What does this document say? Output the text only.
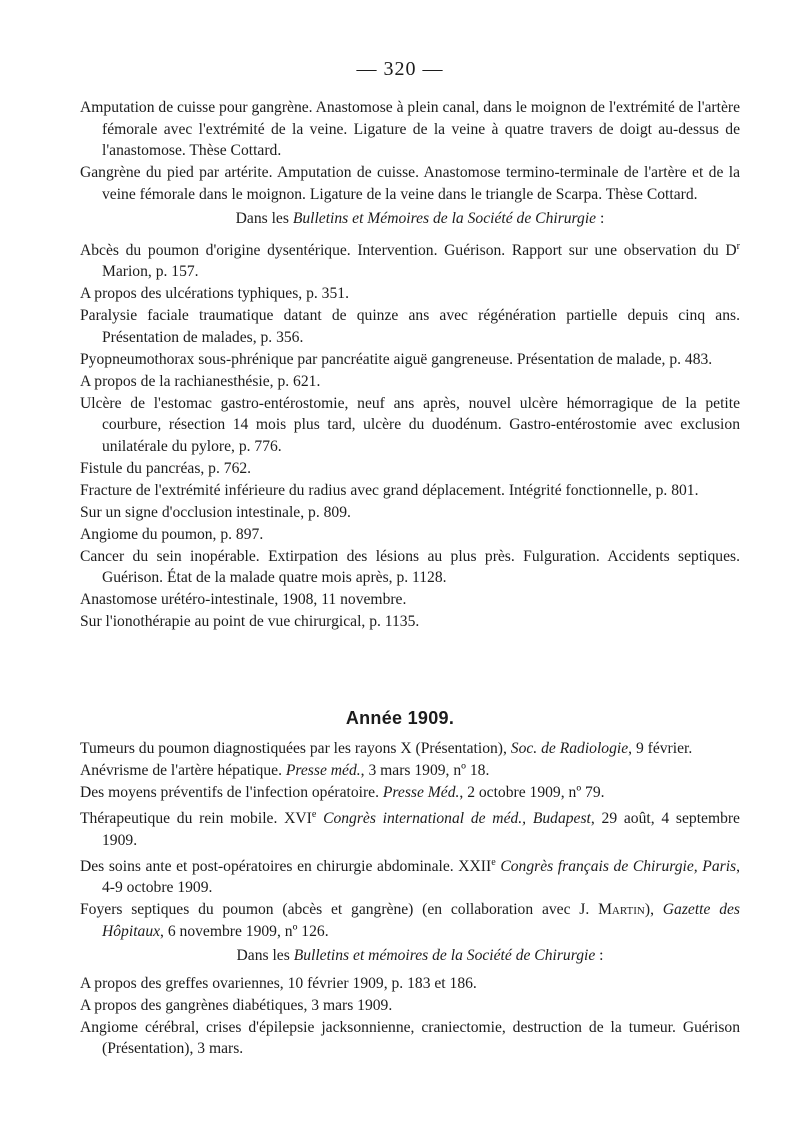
— 320 —

Amputation de cuisse pour gangrène. Anastomose à plein canal, dans le moignon de l'extrémité de l'artère fémorale avec l'extrémité de la veine. Ligature de la veine à quatre travers de doigt au-dessus de l'anastomose. Thèse Cottard.

Gangrène du pied par artérite. Amputation de cuisse. Anastomose termino-terminale de l'artère et de la veine fémorale dans le moignon. Ligature de la veine dans le triangle de Scarpa. Thèse Cottard.

Dans les Bulletins et Mémoires de la Société de Chirurgie :

Abcès du poumon d'origine dysentérique. Intervention. Guérison. Rapport sur une observation du $D^r$ Marion, p. 157.

A propos des ulcérations typhiques, p. 351.

Paralysie faciale traumatique datant de quinze ans avec régénération partielle depuis cinq ans. Présentation de malades, p. 356.

Pyopneumothorax sous-phrénique par pancréatite aiguë gangreneuse. Présentation de malade, p. 483.

A propos de la rachianesthésie, p. 621.

Ulcère de l'estomac gastro-entérostomie, neuf ans après, nouvel ulcère hémorragique de la petite courbure, résection 14 mois plus tard, ulcère du duodénum. Gastro-entérostomie avec exclusion unilatérale du pylore, p. 776.

Fistule du pancréas, p. 762.

Fracture de l'extrémité inférieure du radius avec grand déplacement. Intégrité fonctionnelle, p. 801.

Sur un signe d'occlusion intestinale, p. 809.

Angiome du poumon, p. 897.

Cancer du sein inopérable. Extirpation des lésions au plus près. Fulguration. Accidents septiques. Guérison. État de la malade quatre mois après, p. 1128.

Anastomose urétéro-intestinale, 1908, 11 novembre.

Sur l'ionothérapie au point de vue chirurgical, p. 1135.

Année 1909.

Tumeurs du poumon diagnostiquées par les rayons X (Présentation), Soc. de Radiologie, 9 février.

Anévrisme de l'artère hépatique. Presse méd., 3 mars 1909, nº 18.

Des moyens préventifs de l'infection opératoire. Presse Méd., 2 octobre 1909, nº 79.

Thérapeutique du rein mobile. XVIe Congrès international de méd., Budapest, 29 août, 4 septembre 1909.

Des soins ante et post-opératoires en chirurgie abdominale. XXIIe Congrès français de Chirurgie, Paris, 4-9 octobre 1909.

Foyers septiques du poumon (abcès et gangrène) (en collaboration avec J. Martin), Gazette des Hôpitaux, 6 novembre 1909, nº 126.

Dans les Bulletins et mémoires de la Société de Chirurgie :

A propos des greffes ovariennes, 10 février 1909, p. 183 et 186.

A propos des gangrènes diabétiques, 3 mars 1909.

Angiome cérébral, crises d'épilepsie jacksonnienne, craniectomie, destruction de la tumeur. Guérison (Présentation), 3 mars.
